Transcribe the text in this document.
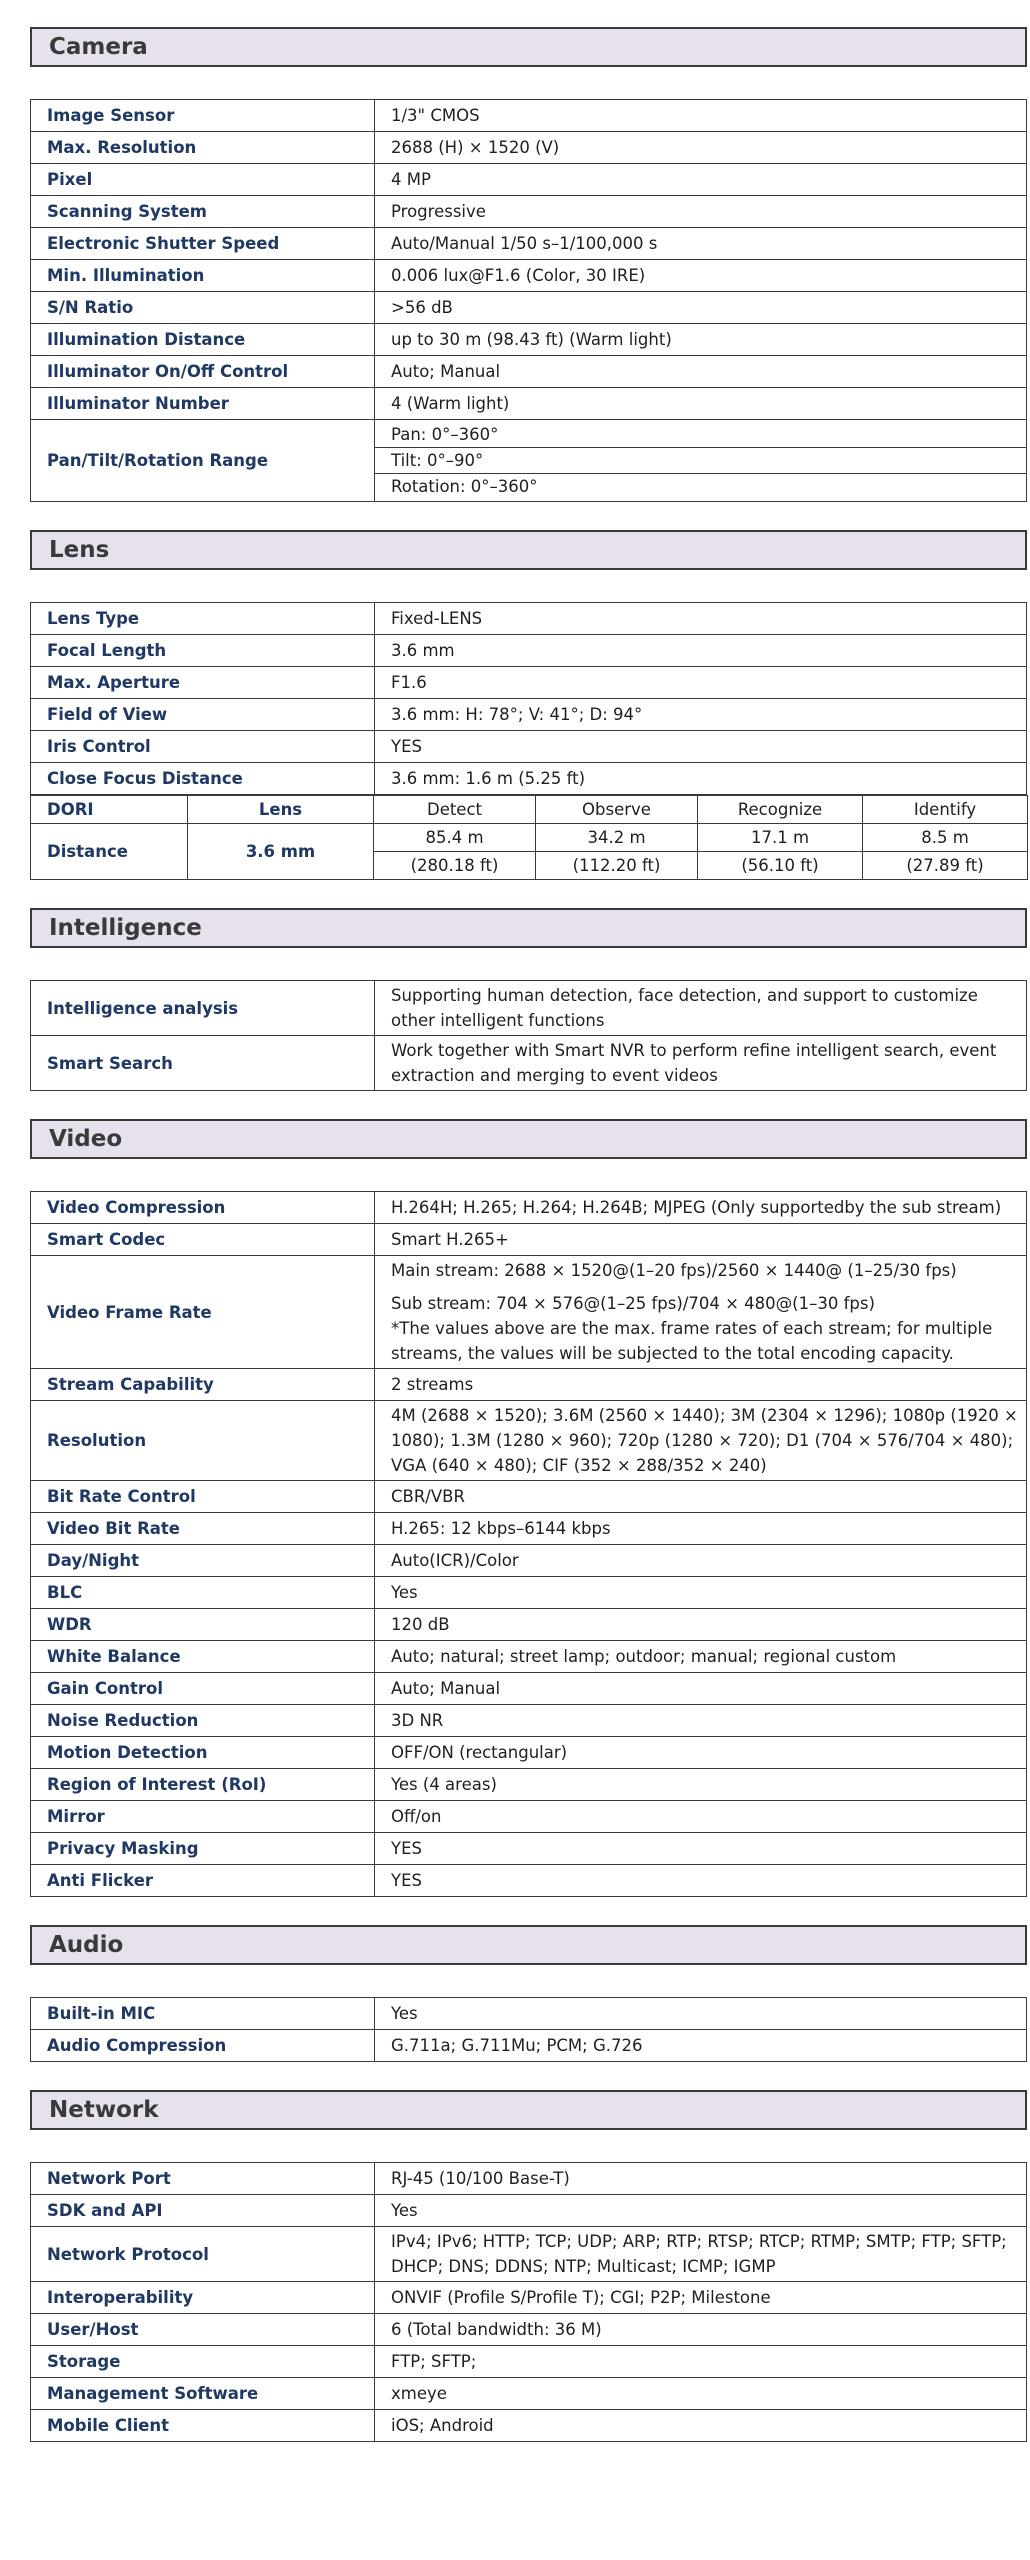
Camera
Image Sensor	1/3" CMOS
Max. Resolution	2688 (H) × 1520 (V)
Pixel	4 MP
Scanning System	Progressive
Electronic Shutter Speed	Auto/Manual 1/50 s–1/100,000 s
Min. Illumination	0.006 lux@F1.6 (Color, 30 IRE)
S/N Ratio	>56 dB
Illumination Distance	up to 30 m (98.43 ft) (Warm light)
Illuminator On/Off Control	Auto; Manual
Illuminator Number	4 (Warm light)
Pan/Tilt/Rotation Range	Pan: 0°–360°
Tilt: 0°–90°
Rotation: 0°–360°
Lens
Lens Type	Fixed-LENS
Focal Length	3.6 mm
Max. Aperture	F1.6
Field of View	3.6 mm: H: 78°; V: 41°; D: 94°
Iris Control	YES
Close Focus Distance	3.6 mm: 1.6 m (5.25 ft)
DORI	Lens	Detect	Observe	Recognize	Identify
Distance	3.6 mm	85.4 m	34.2 m	17.1 m	8.5 m
		(280.18 ft)	(112.20 ft)	(56.10 ft)	(27.89 ft)
Intelligence
Intelligence analysis	Supporting human detection, face detection, and support to customize other intelligent functions
Smart Search	Work together with Smart NVR to perform refine intelligent search, event extraction and merging to event videos
Video
Video Compression	H.264H; H.265; H.264; H.264B; MJPEG (Only supportedby the sub stream)
Smart Codec	Smart H.265+
Video Frame Rate	Main stream: 2688 × 1520@(1–20 fps)/2560 × 1440@ (1–25/30 fps)
Sub stream: 704 × 576@(1–25 fps)/704 × 480@(1–30 fps)
*The values above are the max. frame rates of each stream; for multiple streams, the values will be subjected to the total encoding capacity.

Stream Capability	2 streams
Resolution	4M (2688 × 1520); 3.6M (2560 × 1440); 3M (2304 × 1296); 1080p (1920 × 1080); 1.3M (1280 × 960); 720p (1280 × 720); D1 (704 × 576/704 × 480); VGA (640 × 480); CIF (352 × 288/352 × 240)
Bit Rate Control	CBR/VBR
Video Bit Rate	H.265: 12 kbps–6144 kbps
Day/Night	Auto(ICR)/Color
BLC	Yes
WDR	120 dB
White Balance	Auto; natural; street lamp; outdoor; manual; regional custom
Gain Control	Auto; Manual
Noise Reduction	3D NR
Motion Detection	OFF/ON (rectangular)
Region of Interest (RoI)	Yes (4 areas)
Mirror	Off/on
Privacy Masking	YES
Anti Flicker	YES
Audio
Built-in MIC	Yes
Audio Compression	G.711a; G.711Mu; PCM; G.726
Network
Network Port	RJ-45 (10/100 Base-T)
SDK and API	Yes
Network Protocol	IPv4; IPv6; HTTP; TCP; UDP; ARP; RTP; RTSP; RTCP; RTMP; SMTP; FTP; SFTP; DHCP; DNS; DDNS; NTP; Multicast; ICMP; IGMP
Interoperability	ONVIF (Profile S/Profile T); CGI; P2P; Milestone
User/Host	6 (Total bandwidth: 36 M)
Storage	FTP; SFTP;
Management Software	xmeye
Mobile Client	iOS; Android
